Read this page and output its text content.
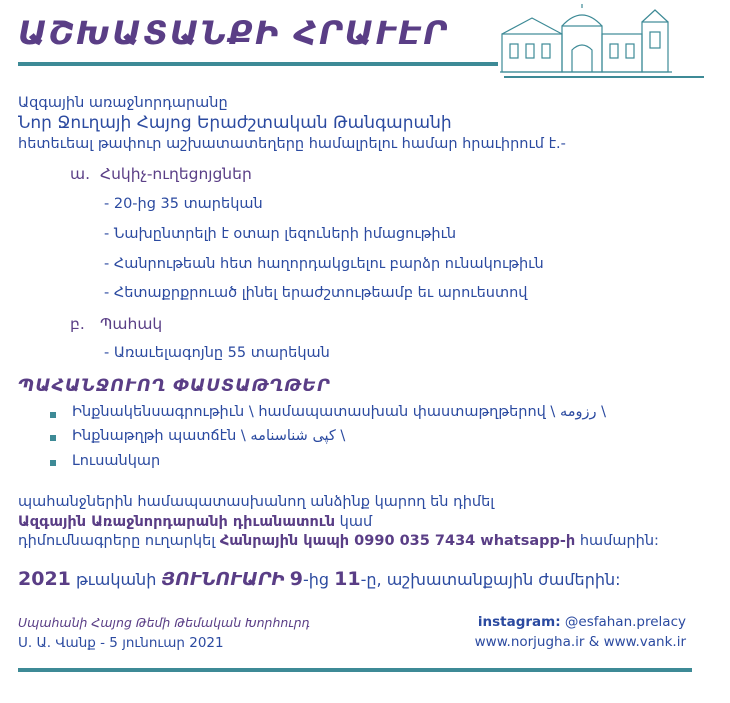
ԱՇԽԱՏԱՆՔԻ ՀՐԱՒԷՐ
Ազգային առաջնորդարանը
Նոր Ջուղայի Հայոց Երաժշտական Թանգարանի
հետեւեալ թափուր աշխատատեղերը համալրելու համար հրաւիրում է.-
ա. Հսկիչ-ուղեցոյցներ
- 20-ից 35 տարեկան
- Նախընտրելի է օտար լեզուների իմացութիւն
- Հանրութեան հետ հաղորդակցւելու բարձր ունակութիւն
- Հետաքրքրուած լինել երաժշտութեամբ եւ արուեստով
բ. Պահակ
- Առաւելագոյնը 55 տարեկան
ՊԱՀԱՆՋՈՒՈՂ ՓԱՍՏԱԹՂԹԵՐ
Ինքնակենսագրութիւն \ համապատասխան փաստաթղթերով \ رزومه \
Ինքնաթղթի պատճէն \ کپی شناسنامه \
Լուսանկար
պահանջներին համապատասխանող անձինք կարող են դիմել
Ազգային Առաջնորդարանի դիւանատուն կամ
դիմումնագրերը ուղարկել Հանրային կապի 0990 035 7434 whatsapp-ի համարին:
2021 թւականի ՅՈՒՆՈՒԱՐԻ 9-ից 11-ը, աշխատանքային ժամերին:
Սպահանի Հայոց Թեմի Թեմական Խորհուրդ
Ս. Ա. Վանք - 5 յունուար 2021
instagram: @esfahan.prelacy
www.norjugha.ir & www.vank.ir
